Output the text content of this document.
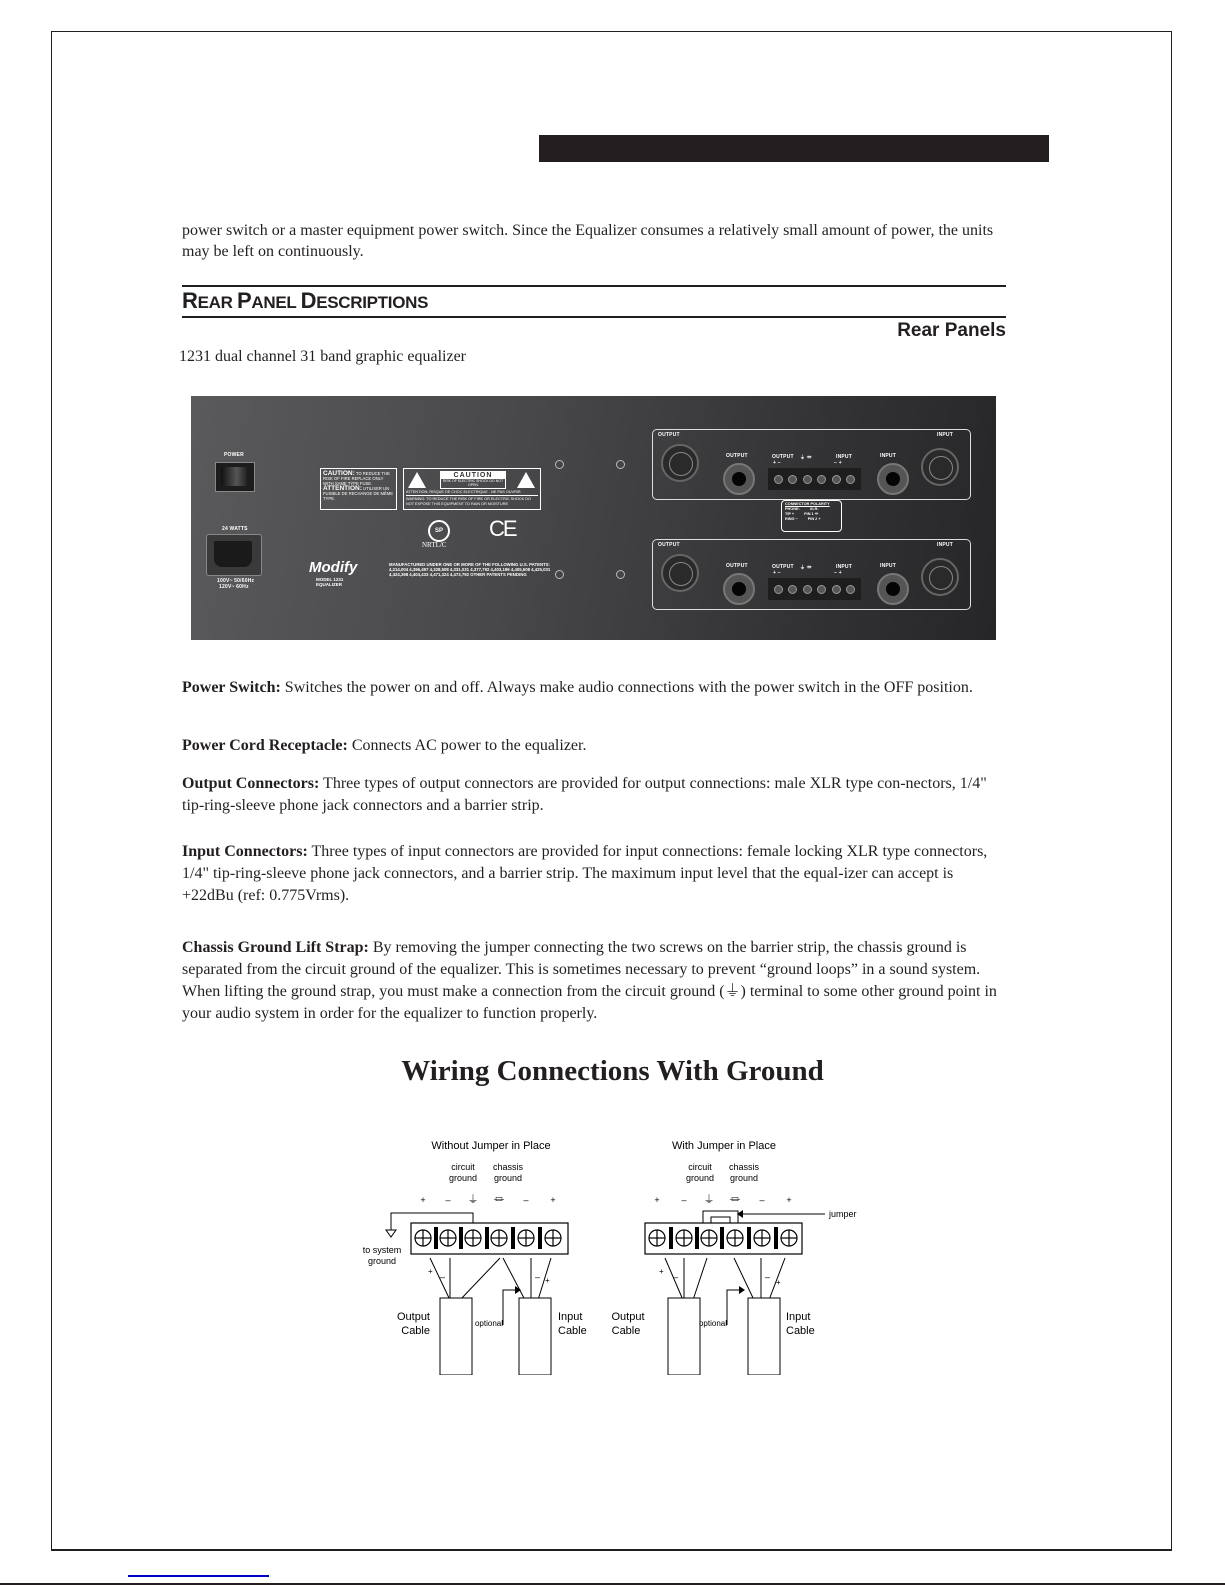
power switch or a master equipment power switch. Since the Equalizer consumes a relatively small amount of power, the units may be left on continuously.
REAR PANEL DESCRIPTIONS
Rear Panels
1231 dual channel 31 band graphic equalizer
POWER
24 WATTS
100V~ 50/60Hz
120V~ 60Hz
CAUTION: TO REDUCE THE RISK OF FIRE REPLACE ONLY WITH SAME TYPE FUSE.
ATTENTION: UTILISER UN FUSIBLE DE RECHANGE DE MÊME TYPE.
CAUTION
RISK OF ELECTRIC SHOCK DO NOT OPEN
ATTENTION: RISQUE DE CHOC ELECTRIQUE - NE PAS OUVRIR
WARNING: TO REDUCE THE RISK OF FIRE OR ELECTRIC SHOCK DO NOT EXPOSE THIS EQUIPMENT TO RAIN OR MOISTURE
SP
NRTL/C
CE
Modify
MODEL 1231
EQUALIZER
MANUFACTURED UNDER ONE OR MORE OF THE FOLLOWING U.S. PATENTS: 4,214,004 4,396,497 4,328,508 4,331,031 4,377,792 4,403,199 4,405,508 4,425,031 4,424,398 4,404,433 4,471,324 4,473,792 OTHER PATENTS PENDING
OUTPUT
OUTPUT	OUTPUT
+ −
⏚ ⏛	INPUT
− +
INPUT
INPUT
CONNECTOR POLARITY
PHONE:	XLR:
TIP +	PIN 1 ⏛
RING −	PIN 2 +
OUTPUT
OUTPUT	OUTPUT
+ −
⏚ ⏛	INPUT
− +
INPUT
INPUT
Power Switch: Switches the power on and off. Always make audio connections with the power switch in the OFF position.
Power Cord Receptacle: Connects AC power to the equalizer.
Output Connectors: Three types of output connectors are provided for output connections: male XLR type con-nectors, 1/4" tip-ring-sleeve phone jack connectors and a barrier strip.
Input Connectors: Three types of input connectors are provided for input connections: female locking XLR type connectors, 1/4" tip-ring-sleeve phone jack connectors, and a barrier strip. The maximum input level that the equal-izer can accept is +22dBu (ref: 0.775Vrms).
Chassis Ground Lift Strap: By removing the jumper connecting the two screws on the barrier strip, the chassis ground is separated from the circuit ground of the equalizer. This is sometimes necessary to prevent “ground loops” in a sound system. When lifting the ground strap, you must make a connection from the circuit ground (⏚) terminal to some other ground point in your audio system in order for the equalizer to function properly.
Wiring Connections With Ground
Without Jumper in Place
circuit
ground
chassis
ground
+ – ⏚ ⏛ – +
to system
ground
+
–	– +
Output
Cable
optional
Input
Cable
With Jumper in Place
circuit
ground
chassis
ground
+ – ⏚ ⏛ – +
jumper
+
–	–
+
Output
Cable
optional
Input
Cable
